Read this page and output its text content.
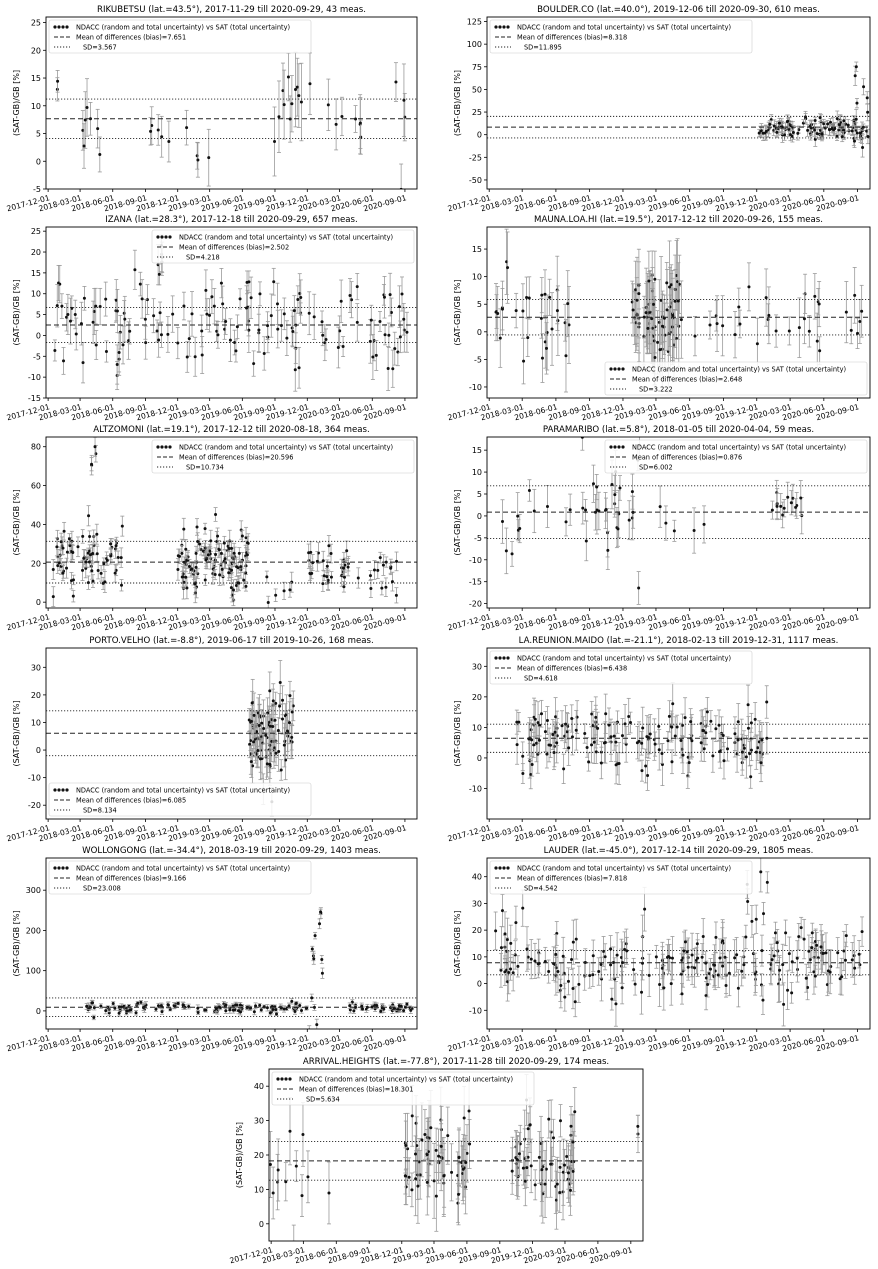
RIKUBETSU (lat.=43.5°), 2017-11-29 till 2020-09-29, 43 meas.
(SAT-GB)/GB [%]
-5
0
5
10
15
20
25
2017-12-01
2018-03-01
2018-06-01
2018-09-01
2018-12-01
2019-03-01
2019-06-01
2019-09-01
2019-12-01
2020-03-01
2020-06-01
2020-09-01
NDACC (random and total uncertainty) vs SAT (total uncertainty)
Mean of differences (bias)=7.651
SD=3.567
BOULDER.CO (lat.=40.0°), 2019-12-06 till 2020-09-30, 610 meas.
(SAT-GB)/GB [%]
-50
-25
0
25
50
75
100
125
2017-12-01
2018-03-01
2018-06-01
2018-09-01
2018-12-01
2019-03-01
2019-06-01
2019-09-01
2019-12-01
2020-03-01
2020-06-01
2020-09-01
NDACC (random and total uncertainty) vs SAT (total uncertainty)
Mean of differences (bias)=8.318
SD=11.895
IZANA (lat.=28.3°), 2017-12-18 till 2020-09-29, 657 meas.
(SAT-GB)/GB [%]
-15
-10
-5
0
5
10
15
20
25
2017-12-01
2018-03-01
2018-06-01
2018-09-01
2018-12-01
2019-03-01
2019-06-01
2019-09-01
2019-12-01
2020-03-01
2020-06-01
2020-09-01
NDACC (random and total uncertainty) vs SAT (total uncertainty)
Mean of differences (bias)=2.502
SD=4.218
MAUNA.LOA.HI (lat.=19.5°), 2017-12-12 till 2020-09-26, 155 meas.
(SAT-GB)/GB [%]
-10
-5
0
5
10
15
2017-12-01
2018-03-01
2018-06-01
2018-09-01
2018-12-01
2019-03-01
2019-06-01
2019-09-01
2019-12-01
2020-03-01
2020-06-01
2020-09-01
NDACC (random and total uncertainty) vs SAT (total uncertainty)
Mean of differences (bias)=2.648
SD=3.222
ALTZOMONI (lat.=19.1°), 2017-12-12 till 2020-08-18, 364 meas.
(SAT-GB)/GB [%]
0
20
40
60
80
2017-12-01
2018-03-01
2018-06-01
2018-09-01
2018-12-01
2019-03-01
2019-06-01
2019-09-01
2019-12-01
2020-03-01
2020-06-01
2020-09-01
NDACC (random and total uncertainty) vs SAT (total uncertainty)
Mean of differences (bias)=20.596
SD=10.734
PARAMARIBO (lat.=5.8°), 2018-01-05 till 2020-04-04, 59 meas.
(SAT-GB)/GB [%]
-20
-15
-10
-5
0
5
10
15
2017-12-01
2018-03-01
2018-06-01
2018-09-01
2018-12-01
2019-03-01
2019-06-01
2019-09-01
2019-12-01
2020-03-01
2020-06-01
2020-09-01
NDACC (random and total uncertainty) vs SAT (total uncertainty)
Mean of differences (bias)=0.876
SD=6.002
PORTO.VELHO (lat.=-8.8°), 2019-06-17 till 2019-10-26, 168 meas.
(SAT-GB)/GB [%]
-20
-10
0
10
20
30
2017-12-01
2018-03-01
2018-06-01
2018-09-01
2018-12-01
2019-03-01
2019-06-01
2019-09-01
2019-12-01
2020-03-01
2020-06-01
2020-09-01
NDACC (random and total uncertainty) vs SAT (total uncertainty)
Mean of differences (bias)=6.085
SD=8.134
LA.REUNION.MAIDO (lat.=-21.1°), 2018-02-13 till 2019-12-31, 1117 meas.
(SAT-GB)/GB [%]
-10
0
10
20
30
2017-12-01
2018-03-01
2018-06-01
2018-09-01
2018-12-01
2019-03-01
2019-06-01
2019-09-01
2019-12-01
2020-03-01
2020-06-01
2020-09-01
NDACC (random and total uncertainty) vs SAT (total uncertainty)
Mean of differences (bias)=6.438
SD=4.618
WOLLONGONG (lat.=-34.4°), 2018-03-19 till 2020-09-29, 1403 meas.
(SAT-GB)/GB [%]
0
100
200
300
2017-12-01
2018-03-01
2018-06-01
2018-09-01
2018-12-01
2019-03-01
2019-06-01
2019-09-01
2019-12-01
2020-03-01
2020-06-01
2020-09-01
NDACC (random and total uncertainty) vs SAT (total uncertainty)
Mean of differences (bias)=9.166
SD=23.008
LAUDER (lat.=-45.0°), 2017-12-14 till 2020-09-29, 1805 meas.
(SAT-GB)/GB [%]
-10
0
10
20
30
40
2017-12-01
2018-03-01
2018-06-01
2018-09-01
2018-12-01
2019-03-01
2019-06-01
2019-09-01
2019-12-01
2020-03-01
2020-06-01
2020-09-01
NDACC (random and total uncertainty) vs SAT (total uncertainty)
Mean of differences (bias)=7.818
SD=4.542
ARRIVAL.HEIGHTS (lat.=-77.8°), 2017-11-28 till 2020-09-29, 174 meas.
(SAT-GB)/GB [%]
0
10
20
30
40
2017-12-01
2018-03-01
2018-06-01
2018-09-01
2018-12-01
2019-03-01
2019-06-01
2019-09-01
2019-12-01
2020-03-01
2020-06-01
2020-09-01
NDACC (random and total uncertainty) vs SAT (total uncertainty)
Mean of differences (bias)=18.301
SD=5.634
